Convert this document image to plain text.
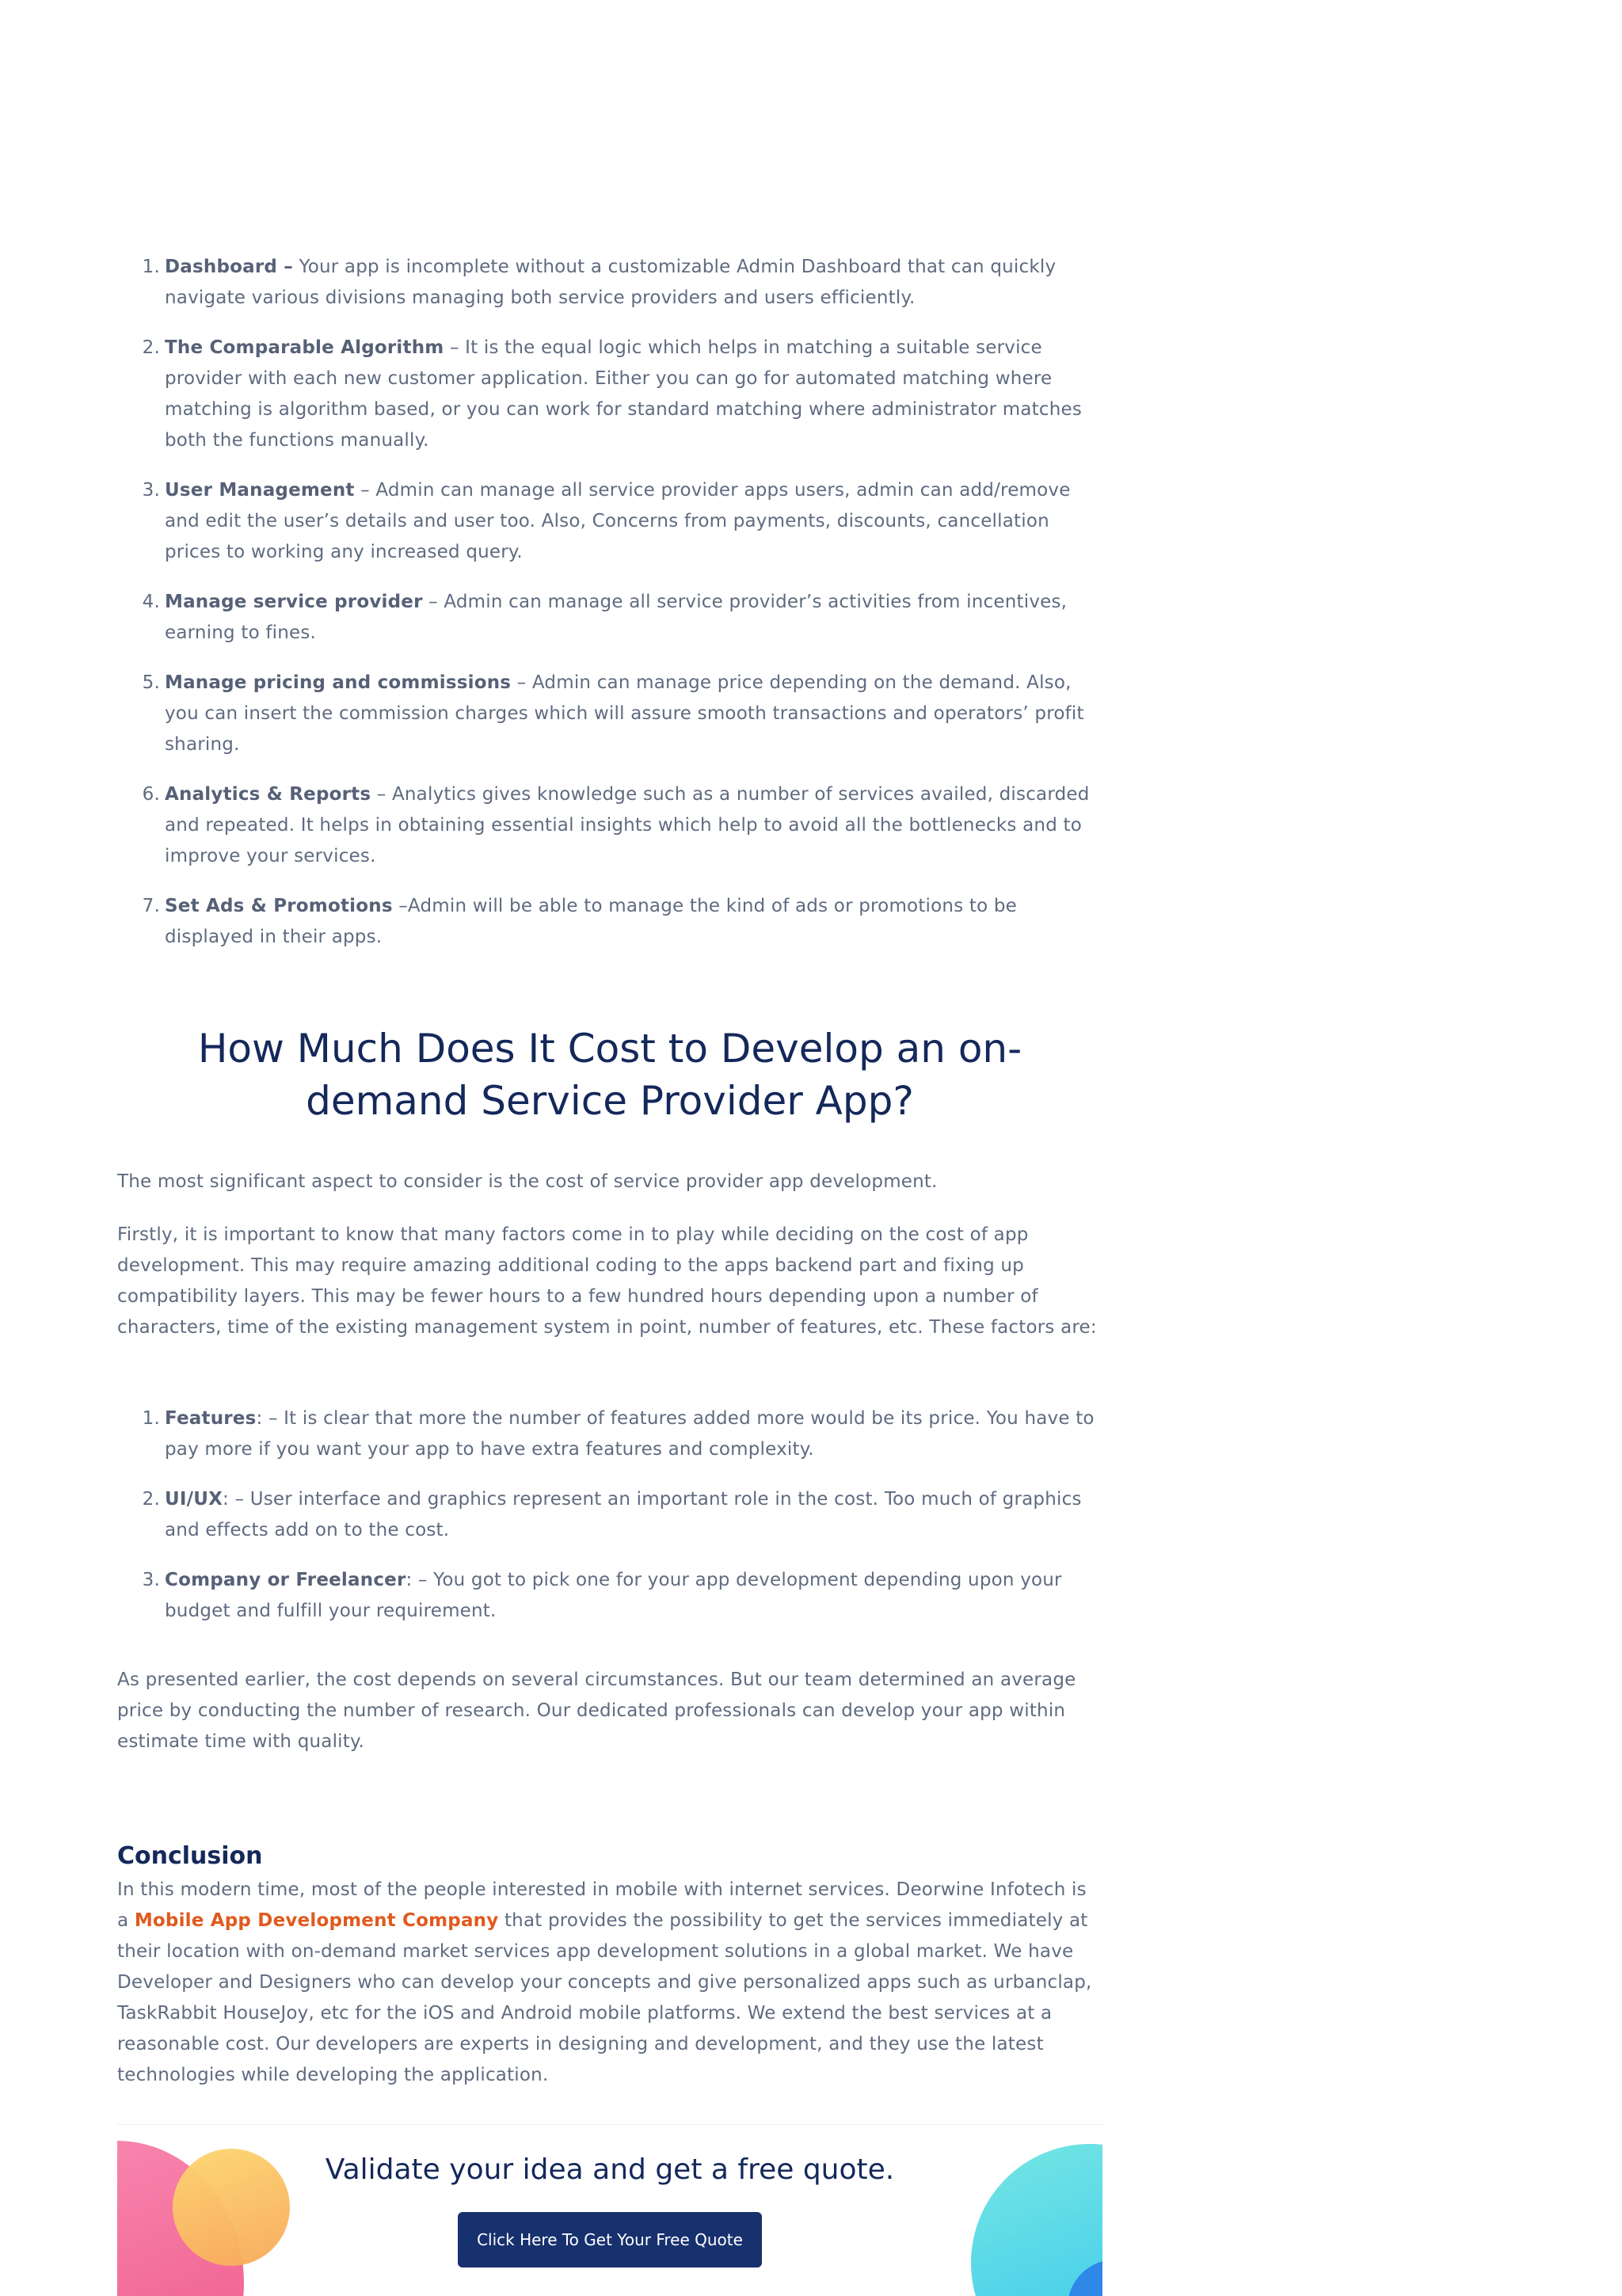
1. Dashboard – Your app is incomplete without a customizable Admin Dashboard that can quickly navigate various divisions managing both service providers and users efficiently.
2. The Comparable Algorithm – It is the equal logic which helps in matching a suitable service provider with each new customer application. Either you can go for automated matching where matching is algorithm based, or you can work for standard matching where administrator matches both the functions manually.
3. User Management – Admin can manage all service provider apps users, admin can add/remove and edit the user’s details and user too. Also, Concerns from payments, discounts, cancellation prices to working any increased query.
4. Manage service provider – Admin can manage all service provider’s activities from incentives, earning to fines.
5. Manage pricing and commissions – Admin can manage price depending on the demand. Also, you can insert the commission charges which will assure smooth transactions and operators’ profit sharing.
6. Analytics & Reports – Analytics gives knowledge such as a number of services availed, discarded and repeated. It helps in obtaining essential insights which help to avoid all the bottlenecks and to improve your services.
7. Set Ads & Promotions –Admin will be able to manage the kind of ads or promotions to be displayed in their apps.
How Much Does It Cost to Develop an on-demand Service Provider App?

The most significant aspect to consider is the cost of service provider app development.

Firstly, it is important to know that many factors come in to play while deciding on the cost of app development. This may require amazing additional coding to the apps backend part and fixing up compatibility layers. This may be fewer hours to a few hundred hours depending upon a number of characters, time of the existing management system in point, number of features, etc. These factors are:

1. Features: – It is clear that more the number of features added more would be its price. You have to pay more if you want your app to have extra features and complexity.
2. UI/UX: – User interface and graphics represent an important role in the cost. Too much of graphics and effects add on to the cost.
3. Company or Freelancer: – You got to pick one for your app development depending upon your budget and fulfill your requirement.

As presented earlier, the cost depends on several circumstances. But our team determined an average price by conducting the number of research. Our dedicated professionals can develop your app within estimate time with quality.

Conclusion

In this modern time, most of the people interested in mobile with internet services. Deorwine Infotech is a Mobile App Development Company that provides the possibility to get the services immediately at their location with on-demand market services app development solutions in a global market. We have Developer and Designers who can develop your concepts and give personalized apps such as urbanclap, TaskRabbit HouseJoy, etc for the iOS and Android mobile platforms. We extend the best services at a reasonable cost. Our developers are experts in designing and development, and they use the latest technologies while developing the application.

Validate your idea and get a free quote.
Click Here To Get Your Free Quote
